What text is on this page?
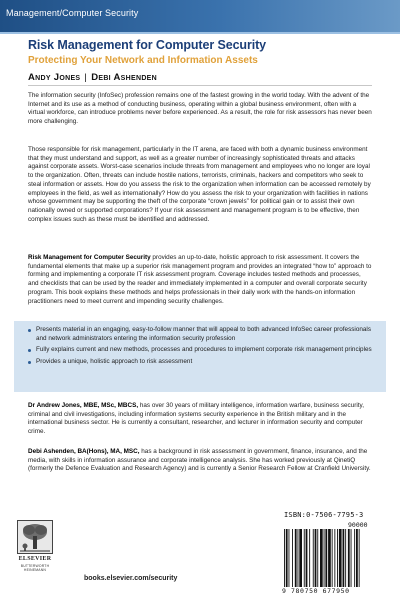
Management/Computer Security
Risk Management for Computer Security
Protecting Your Network and Information Assets
Andy Jones | Debi Ashenden

The information security (InfoSec) profession remains one of the fastest growing in the world today. With the advent of the Internet and its use as a method of conducting business, operating within a global business environment, often with a virtual workforce, can introduce problems never before experienced. As a result, the role for risk assessors has never been more challenging.

Those responsible for risk management, particularly in the IT arena, are faced with both a dynamic business environment that they must understand and support, as well as a greater number of increasingly sophisticated threats and attacks against corporate assets. Worst-case scenarios include threats from management and employees who no longer are loyal to the organization. Often, threats can include hostile nations, terrorists, criminals, hackers and competitors who seek to steal information or assets. How do you assess the risk to the organization when information can be accessed remotely by employees in the field, as well as internationally? How do you assess the risk to your organization with facilities in nations whose government may be supporting the theft of the corporate “crown jewels” for political gain or to assist their own nationally owned or supported corporations? If your risk assessment and management program is to be effective, then complex issues such as these must be identified and addressed.

Risk Management for Computer Security provides an up-to-date, holistic approach to risk assessment. It covers the fundamental elements that make up a superior risk management program and provides an integrated “how to” approach to forming and implementing a corporate IT risk assessment program. Coverage includes tested methods and processes, and checklists that can be used by the reader and immediately implemented in a computer and overall corporate security program. This book explains these methods and helps professionals in their daily work with the hands-on information practitioners need to meet current and impending security challenges.

Presents material in an engaging, easy-to-follow manner that will appeal to both advanced InfoSec career professionals and network administrators entering the information security profession
Fully explains current and new methods, processes and procedures to implement corporate risk management principles
Provides a unique, holistic approach to risk assessment

Dr Andrew Jones, MBE, MSc, MBCS, has over 30 years of military intelligence, information warfare, business security, criminal and civil investigations, including information systems security experience in the British military and in the international business sector. He is currently a consultant, researcher, and lecturer in information security and computer crime.

Debi Ashenden, BA(Hons), MA, MSC, has a background in risk assessment in government, finance, insurance, and the media, with skills in information assurance and corporate intelligence analysis. She has worked previously at QinetiQ (formerly the Defence Evaluation and Research Agency) and is currently a Senior Research Fellow at Cranfield University.

ELSEVIER
BUTTERWORTH
HEINEMANN
books.elsevier.com/security
ISBN:0-7506-7795-3
90000
9 780750 677950
